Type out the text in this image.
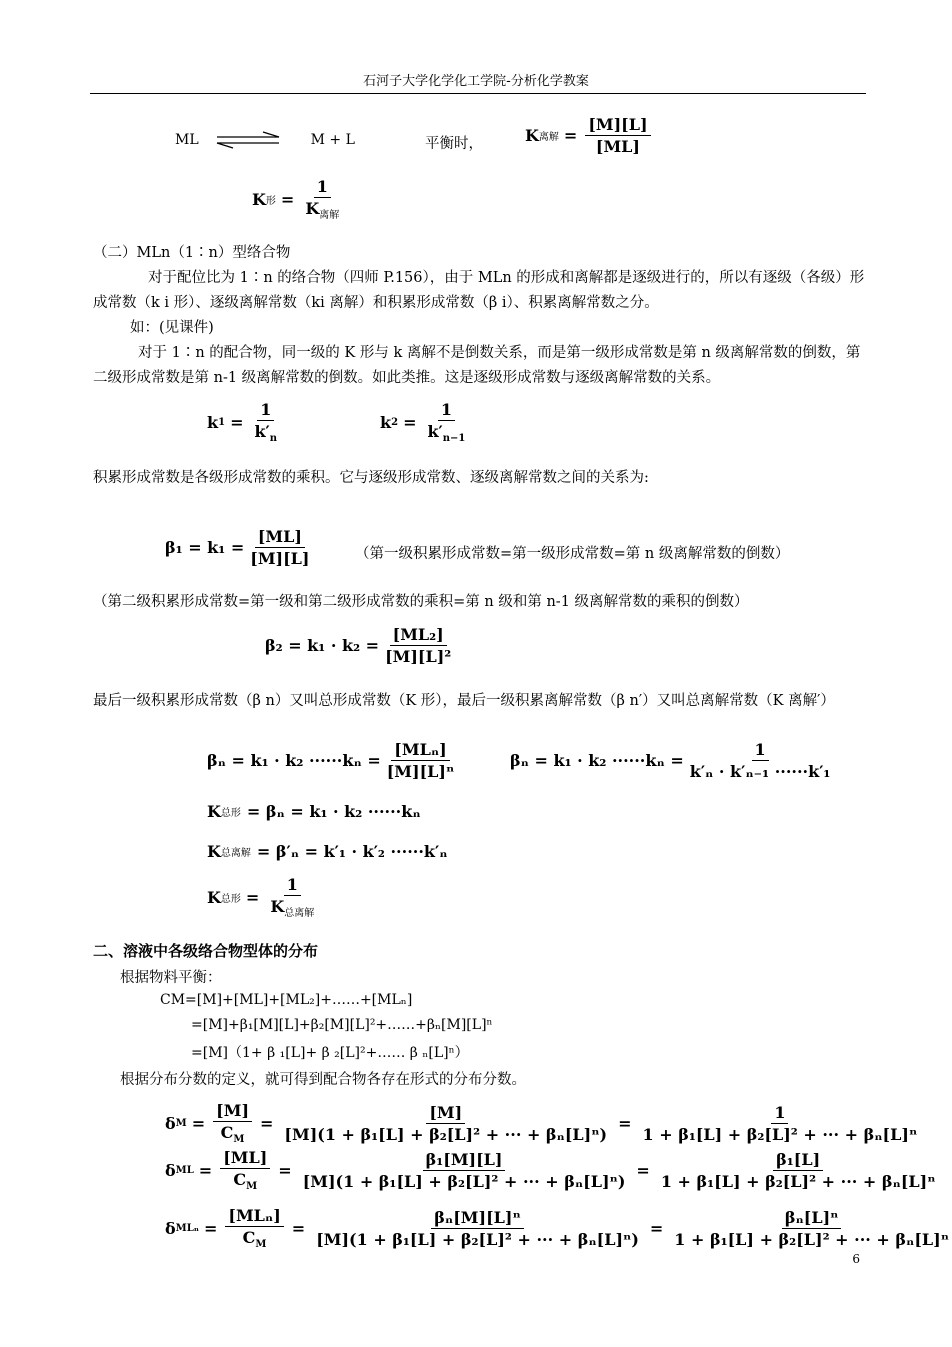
石河子大学化学化工学院-分析化学教案
ML	M + L	平衡时，	K 离解 = $\frac{[M][L]}{[ML]}$
K 形 = $\frac{1}{K_{离解}}$
（二）MLn（1∶n）型络合物
对于配位比为 1∶n 的络合物（四师 P.156），由于 MLn 的形成和离解都是逐级进行的，所以有逐级（各级）形成常数（k i 形）、逐级离解常数（ki 离解）和积累形成常数（β i）、积累离解常数之分。
如：(见课件)
对于 1∶n 的配合物，同一级的 K 形与 k 离解不是倒数关系，而是第一级形成常数是第 n 级离解常数的倒数，第二级形成常数是第 n-1 级离解常数的倒数。如此类推。这是逐级形成常数与逐级离解常数的关系。
k $1 = \frac{1}{k'_n}$	k $2 = \frac{1}{k'_{n-1}}$
积累形成常数是各级形成常数的乘积。它与逐级形成常数、逐级离解常数之间的关系为:
$\beta_1 = k_1 = \frac{[ML]}{[M][L]}$	（第一级积累形成常数=第一级形成常数=第 n 级离解常数的倒数）
（第二级积累形成常数=第一级和第二级形成常数的乘积=第 n 级和第 n-1 级离解常数的乘积的倒数）
$\beta_2 = k_1 \cdot k_2 = \frac{\text{[ML₂]}}{\text{[M][L]²}}$
最后一级积累形成常数（β n）又叫总形成常数（K 形），最后一级积累离解常数（β n′）又叫总离解常数（K 离解′）
$\beta_n = k_1 \cdot k_2 \cdot\cdot\cdot\cdot\cdot\cdot k_n = \frac{\text{[MLₙ]}}{\text{[M][L]ⁿ}}$	$\beta_n = k_1 \cdot k_2 \cdot\cdot\cdot\cdot\cdot\cdot k_n = \frac{1}{\text{k′ₙ · k′ₙ₋₁ ······k′₁}}$
K 总形 = βₙ = k₁ · k₂ ······kₙ
K 总离解 = β′ₙ = k′₁ · k′₂ ······k′ₙ
K 总形 = $\frac{1}{K_{总离解}}$
二、溶液中各级络合物型体的分布
根据物料平衡：
CM=[M]+[ML]+[ML₂]+……+[MLₙ]
=[M]+β₁[M][L]+β₂[M][L]²+……+βₙ[M][L]ⁿ
=[M]（1+ β ₁[L]+ β ₂[L]²+…… β ₙ[L]ⁿ）
根据分布分数的定义，就可得到配合物各存在形式的分布分数。
δ $M = \frac{[M]}{C_M} = \frac{[M]}{\text{[M](1 + β₁[L] + β₂[L]² + ··· + βₙ[L]ⁿ)}} = \frac{1}{\text{1 + β₁[L] + β₂[L]² + ··· + βₙ[L]ⁿ}}$
δ ML = $\frac{[ML]}{C_M} = \frac{\text{β₁[M][L]}}{\text{[M](1 + β₁[L] + β₂[L]² + ··· + βₙ[L]ⁿ)}} = \frac{\text{β₁[L]}}{\text{1 + β₁[L] + β₂[L]² + ··· + βₙ[L]ⁿ}}$
δ $ML_n = \frac{\text{[MLₙ]}}{C_M} = \frac{\text{βₙ[M][L]ⁿ}}{\text{[M](1 + β₁[L] + β₂[L]² + ··· + βₙ[L]ⁿ)}} = \frac{\text{βₙ[L]ⁿ}}{\text{1 + β₁[L] + β₂[L]² + ··· + βₙ[L]ⁿ}}$
6
